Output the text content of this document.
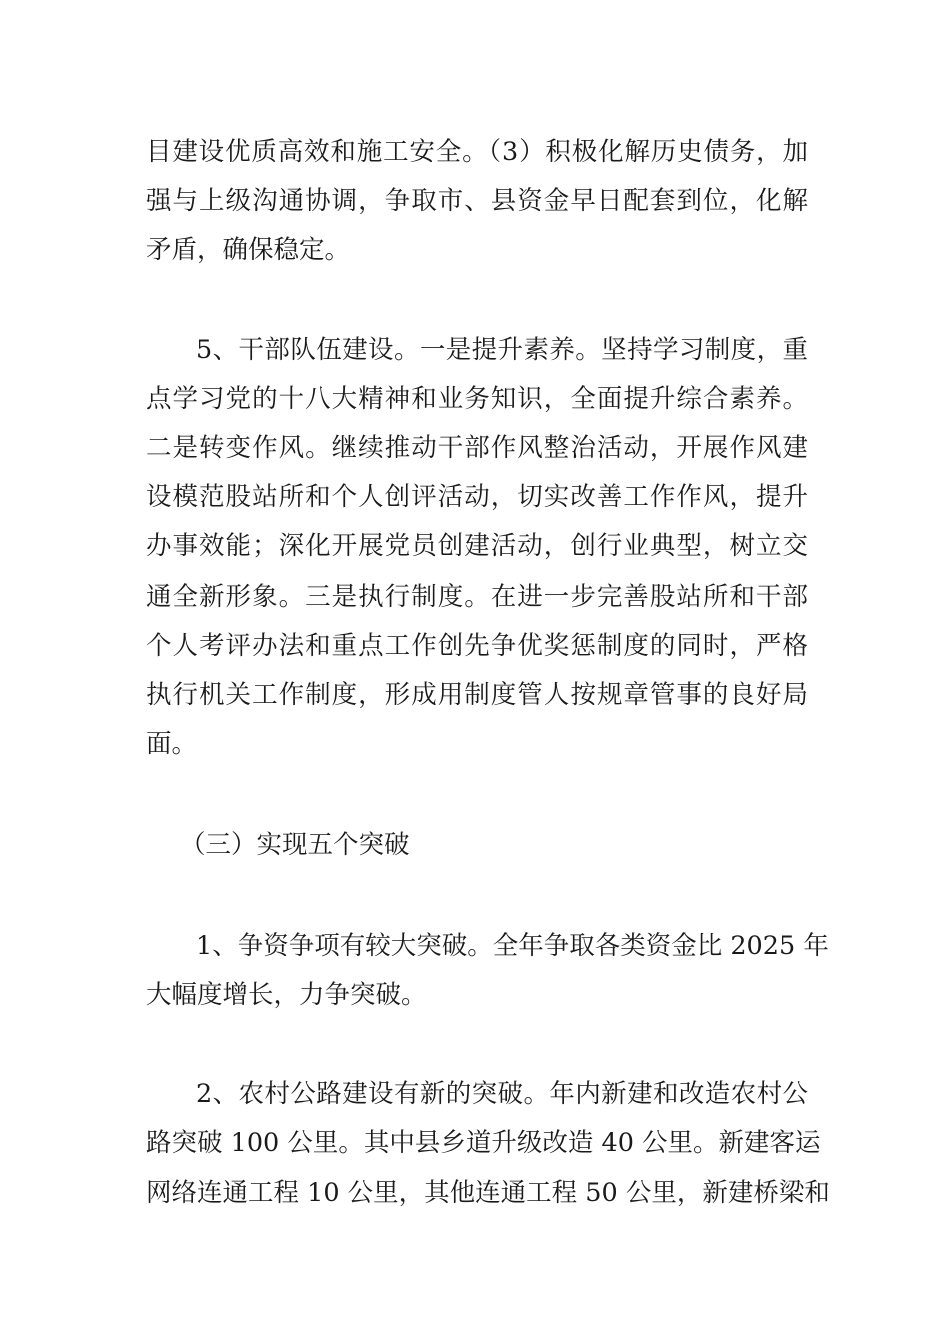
目建设优质高效和施工安全。（3）积极化解历史债务，加
强与上级沟通协调，争取市、县资金早日配套到位，化解
矛盾，确保稳定。
5、干部队伍建设。一是提升素养。坚持学习制度，重
点学习党的十八大精神和业务知识，全面提升综合素养。
二是转变作风。继续推动干部作风整治活动，开展作风建
设模范股站所和个人创评活动，切实改善工作作风，提升
办事效能；深化开展党员创建活动，创行业典型，树立交
通全新形象。三是执行制度。在进一步完善股站所和干部
个人考评办法和重点工作创先争优奖惩制度的同时，严格
执行机关工作制度，形成用制度管人按规章管事的良好局
面。
（三）实现五个突破
1、争资争项有较大突破。全年争取各类资金比 2025 年
大幅度增长，力争突破。
2、农村公路建设有新的突破。年内新建和改造农村公
路突破 100 公里。其中县乡道升级改造 40 公里。新建客运
网络连通工程 10 公里，其他连通工程 50 公里，新建桥梁和
